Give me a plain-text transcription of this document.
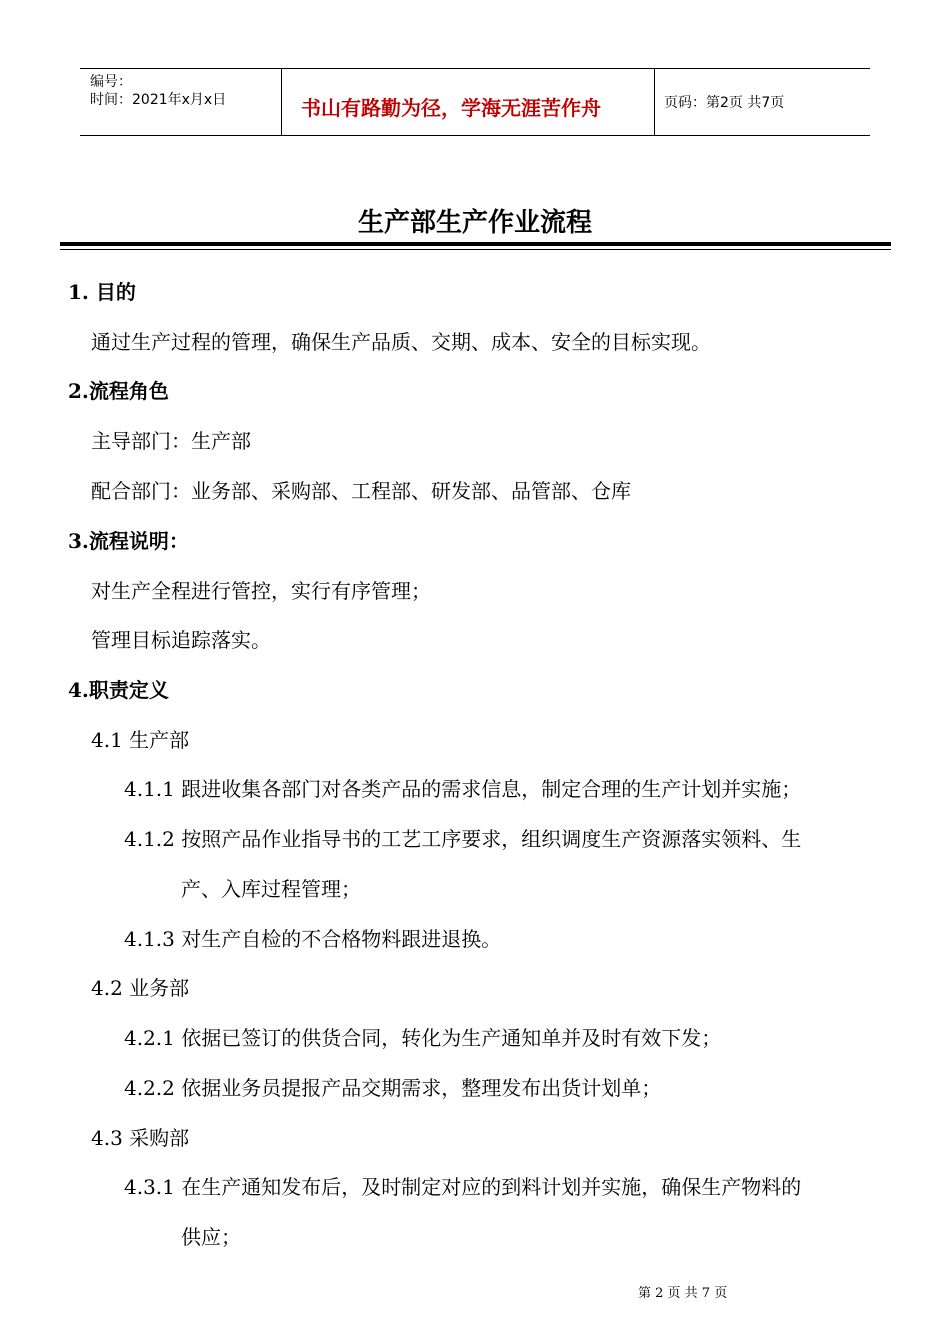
编号：
时间：2021年x月x日	书山有路勤为径，学海无涯苦作舟	页码：第2页 共7页
生产部生产作业流程
1. 目的
通过生产过程的管理，确保生产品质、交期、成本、安全的目标实现。
2.流程角色
主导部门：生产部
配合部门：业务部、采购部、工程部、研发部、品管部、仓库
3.流程说明：
对生产全程进行管控，实行有序管理；
管理目标追踪落实。
4.职责定义
4.1 生产部
4.1.1 跟进收集各部门对各类产品的需求信息，制定合理的生产计划并实施；
4.1.2 按照产品作业指导书的工艺工序要求，组织调度生产资源落实领料、生
产、入库过程管理；
4.1.3 对生产自检的不合格物料跟进退换。
4.2 业务部
4.2.1 依据已签订的供货合同，转化为生产通知单并及时有效下发；
4.2.2 依据业务员提报产品交期需求，整理发布出货计划单；
4.3 采购部
4.3.1 在生产通知发布后，及时制定对应的到料计划并实施，确保生产物料的
供应；
第 2 页 共 7 页
